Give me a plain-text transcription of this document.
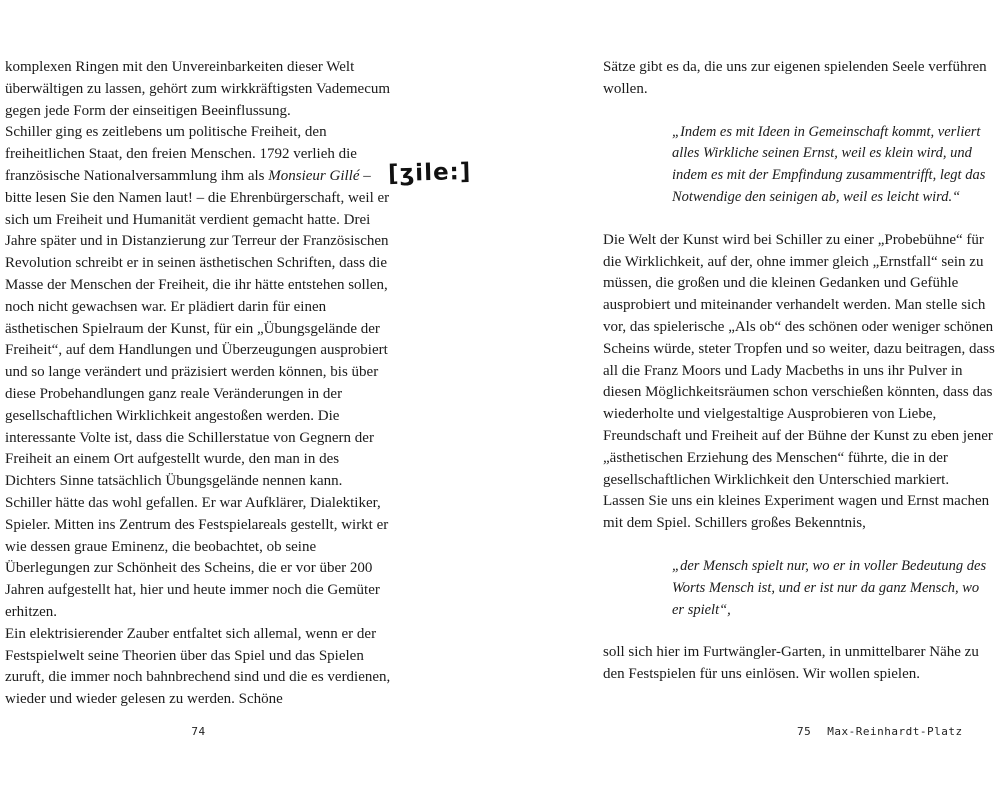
komplexen Ringen mit den Unvereinbarkeiten dieser Welt überwältigen zu lassen, gehört zum wirkkräftigsten Vademecum gegen jede Form der einseitigen Beeinflussung.

Schiller ging es zeitlebens um politische Freiheit, den freiheitlichen Staat, den freien Menschen. 1792 verlieh die französische Nationalversammlung ihm als Monsieur Gillé – bitte lesen Sie den Namen laut! – die Ehrenbürgerschaft, weil er sich um Freiheit und Humanität verdient gemacht hatte. Drei Jahre später und in Distanzierung zur Terreur der Französischen Revolution schreibt er in seinen ästhetischen Schriften, dass die Masse der Menschen der Freiheit, die ihr hätte entstehen sollen, noch nicht gewachsen war. Er plädiert darin für einen ästhetischen Spielraum der Kunst, für ein „Übungsgelände der Freiheit“, auf dem Handlungen und Überzeugungen ausprobiert und so lange verändert und präzisiert werden können, bis über diese Probehandlungen ganz reale Veränderungen in der gesellschaftlichen Wirklichkeit angestoßen werden. Die interessante Volte ist, dass die Schillerstatue von Gegnern der Freiheit an einem Ort aufgestellt wurde, den man in des Dichters Sinne tatsächlich Übungsgelände nennen kann. Schiller hätte das wohl gefallen. Er war Aufklärer, Dialektiker, Spieler. Mitten ins Zentrum des Festspielareals gestellt, wirkt er wie dessen graue Eminenz, die beobachtet, ob seine Überlegungen zur Schönheit des Scheins, die er vor über 200 Jahren aufgestellt hat, hier und heute immer noch die Gemüter erhitzen.

Ein elektrisierender Zauber entfaltet sich allemal, wenn er der Festspielwelt seine Theorien über das Spiel und das Spielen zuruft, die immer noch bahnbrechend sind und die es verdienen, wieder und wieder gelesen zu werden. Schöne

[ʒile:]

Sätze gibt es da, die uns zur eigenen spielenden Seele verführen wollen.

„Indem es mit Ideen in Gemeinschaft kommt, verliert alles Wirkliche seinen Ernst, weil es klein wird, und indem es mit der Empfindung zusammentrifft, legt das Notwendige den seinigen ab, weil es leicht wird.“

Die Welt der Kunst wird bei Schiller zu einer „Probebühne“ für die Wirklichkeit, auf der, ohne immer gleich „Ernstfall“ sein zu müssen, die großen und die kleinen Gedanken und Gefühle ausprobiert und miteinander verhandelt werden. Man stelle sich vor, das spielerische „Als ob“ des schönen oder weniger schönen Scheins würde, steter Tropfen und so weiter, dazu beitragen, dass all die Franz Moors und Lady Macbeths in uns ihr Pulver in diesen Möglichkeitsräumen schon verschießen könnten, dass das wiederholte und vielgestaltige Ausprobieren von Liebe, Freundschaft und Freiheit auf der Bühne der Kunst zu eben jener „ästhetischen Erziehung des Menschen“ führte, die in der gesellschaftlichen Wirklichkeit den Unterschied markiert.

Lassen Sie uns ein kleines Experiment wagen und Ernst machen mit dem Spiel. Schillers großes Bekenntnis,

„der Mensch spielt nur, wo er in voller Bedeutung des Worts Mensch ist, und er ist nur da ganz Mensch, wo er spielt“,

soll sich hier im Furtwängler-Garten, in unmittelbarer Nähe zu den Festspielen für uns einlösen. Wir wollen spielen.

74	75 Max-Reinhardt-Platz
